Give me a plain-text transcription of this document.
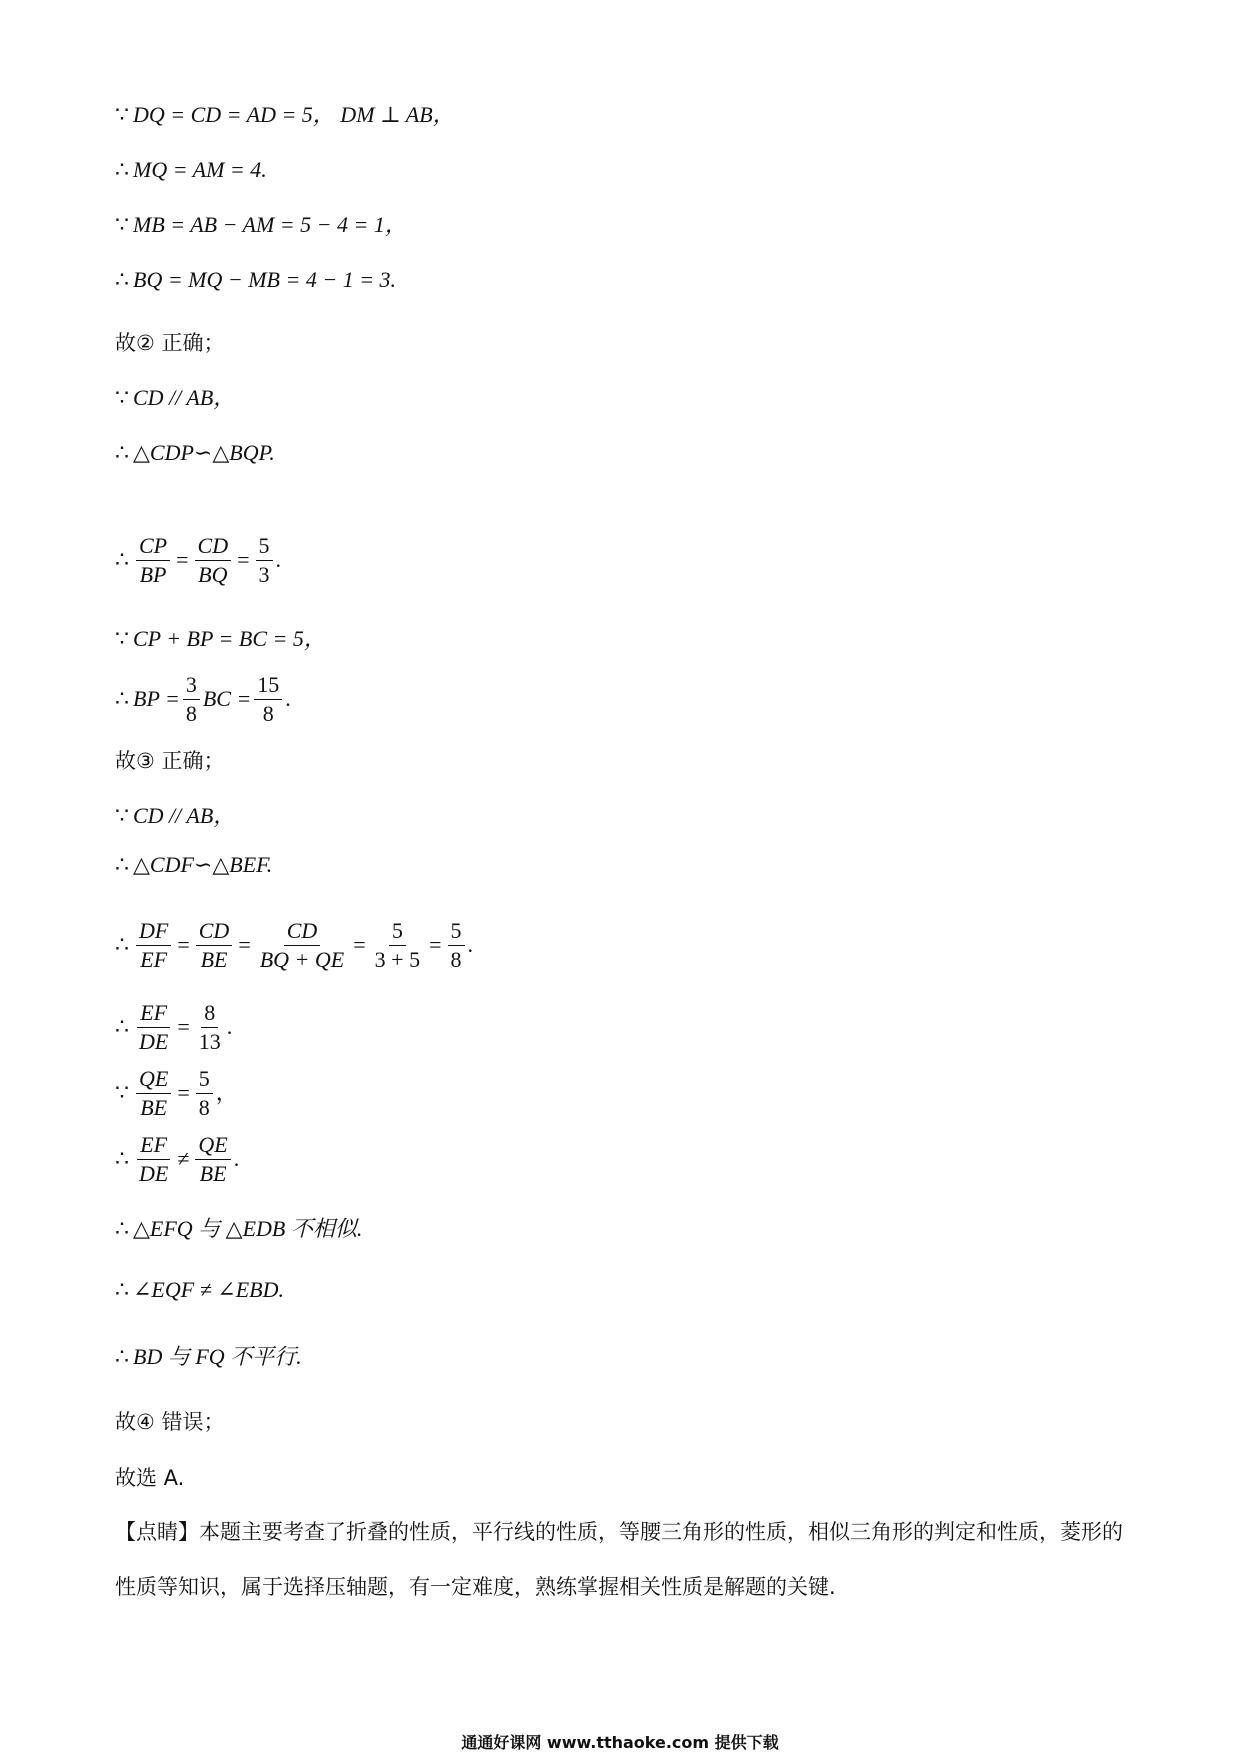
∵ DQ = CD = AD = 5， DM ⊥ AB，
∴ MQ = AM = 4.
∵ MB = AB − AM = 5 − 4 = 1，
∴ BQ = MQ − MB = 4 − 1 = 3.
故② 正确；
∵ CD // AB，
∴ △CDP∽△BQP.
∴ $\frac{CP}{BP} = \frac{CD}{BQ} = \frac{5}{3}$ .
∵ CP + BP = BC = 5，
∴ BP = $\frac{3}{8}$ BC = $\frac{15}{8}$ .
故③ 正确；
∵ CD // AB，
∴ △CDF∽△BEF.
∴ $\frac{DF}{EF} = \frac{CD}{BE} = \frac{CD}{BQ + QE} = \frac{5}{3 + 5} = \frac{5}{8}$ .
∴ $\frac{EF}{DE} = \frac{8}{13}$ .
∵ $\frac{QE}{BE} = \frac{5}{8}$ ，
∴ $\frac{EF}{DE} \ne \frac{QE}{BE}$ .
∴ △EFQ 与 △EDB 不相似.
∴ ∠EQF ≠ ∠EBD.
∴ BD 与 FQ 不平行.
故④ 错误；
故选 A.
【点睛】本题主要考查了折叠的性质，平行线的性质，等腰三角形的性质，相似三角形的判定和性质，菱形的性质等知识，属于选择压轴题，有一定难度，熟练掌握相关性质是解题的关键.
通通好课网 www.tthaoke.com 提供下载
